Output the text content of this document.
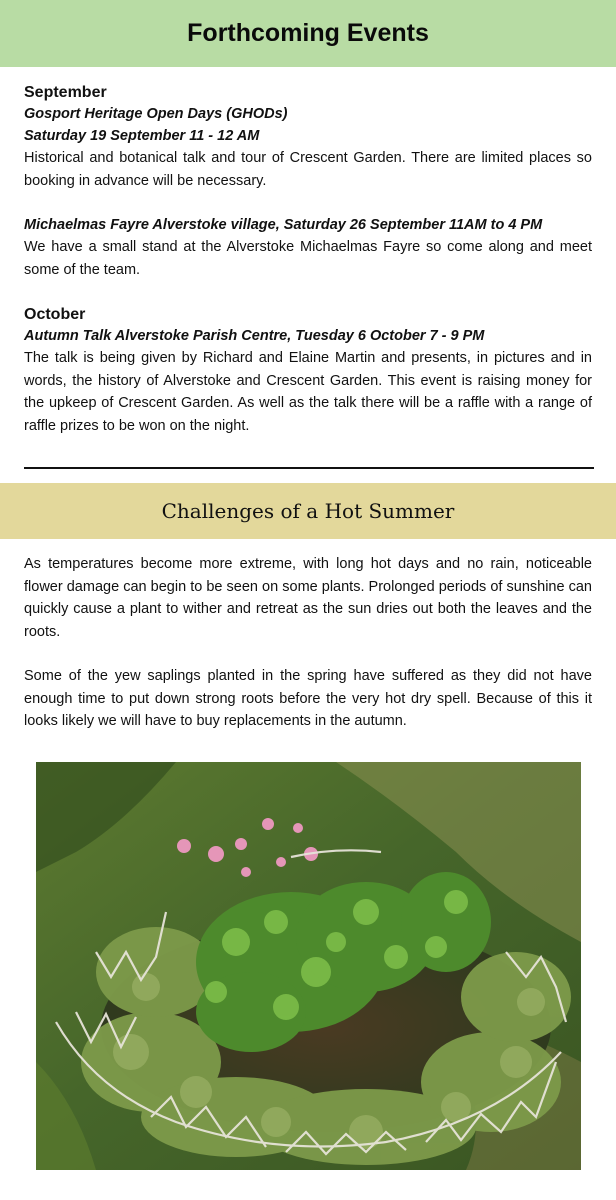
Forthcoming Events

September

Gosport Heritage Open Days (GHODs)

Saturday 19 September 11 - 12 AM

Historical and botanical talk and tour of Crescent Garden. There are limited places so booking in advance will be necessary.

Michaelmas Fayre Alverstoke village, Saturday 26 September 11AM to 4 PM

We have a small stand at the Alverstoke Michaelmas Fayre so come along and meet some of the team.

October

Autumn Talk Alverstoke Parish Centre, Tuesday 6 October 7 - 9 PM

The talk is being given by Richard and Elaine Martin and presents, in pictures and in words, the history of Alverstoke and Crescent Garden. This event is raising money for the upkeep of Crescent Garden. As well as the talk there will be a raffle with a range of raffle prizes to be won on the night.

Challenges of a Hot Summer

As temperatures become more extreme, with long hot days and no rain, noticeable flower damage can begin to be seen on some plants. Prolonged periods of sunshine can quickly cause a plant to wither and retreat as the sun dries out both the leaves and the roots.

Some of the yew saplings planted in the spring have suffered as they did not have enough time to put down strong roots before the very hot dry spell. Because of this it looks likely we will have to buy replacements in the autumn.
